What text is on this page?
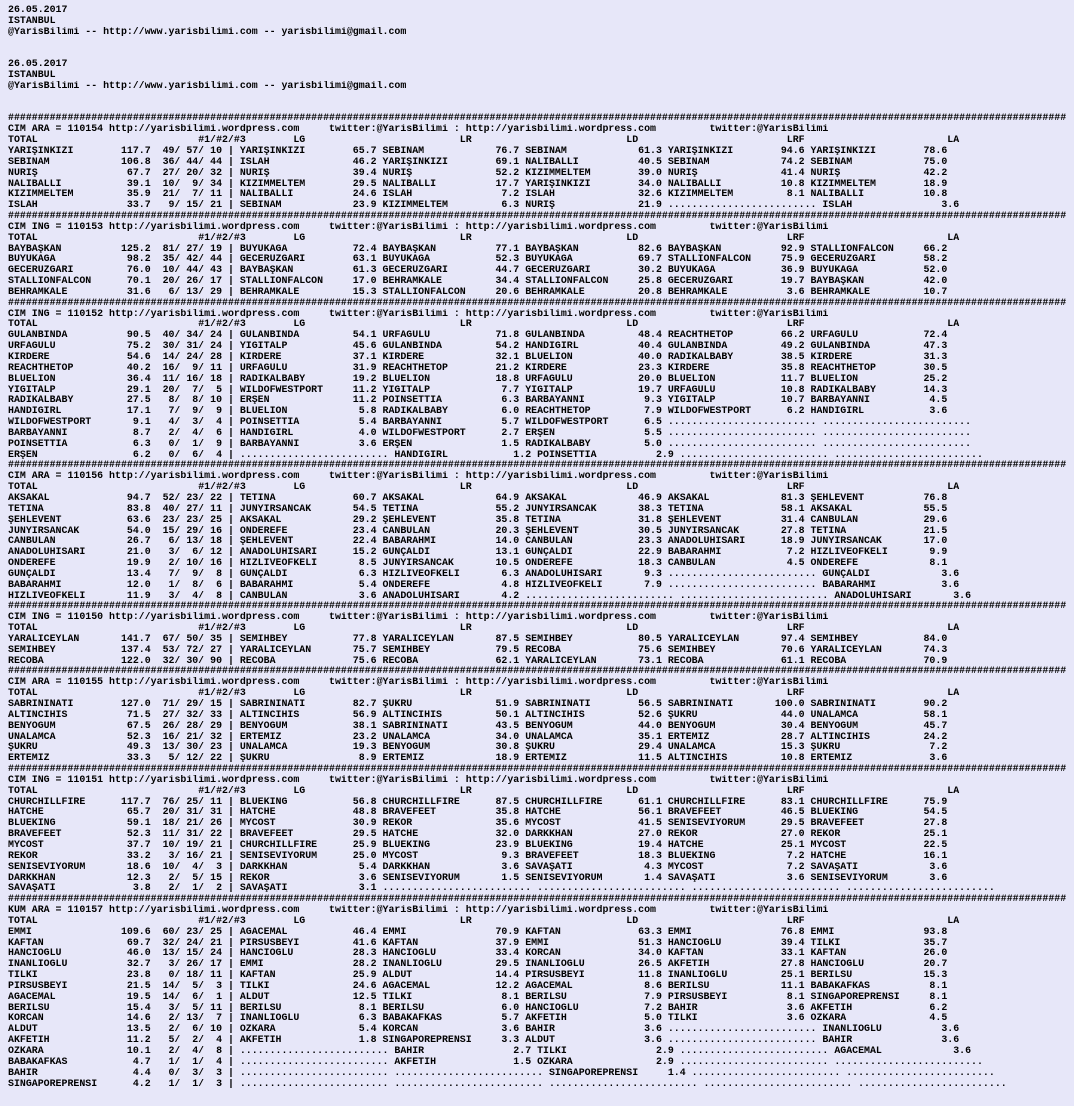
26.05.2017
ISTANBUL
@YarisBilimi -- http://www.yarisbilimi.com -- yarisbilimi@gmail.com
26.05.2017
ISTANBUL
@YarisBilimi -- http://www.yarisbilimi.com -- yarisbilimi@gmail.com
##################################################################################################################################################################################
CIM ARA = 110154 http://yarisbilimi.wordpress.com     twitter:@YarisBilimi : http://yarisbilimi.wordpress.com         twitter:@YarisBilimi
TOTAL                           #1/#2/#3        LG                          LR                          LD                         LRF                        LA
YARIŞINKIZI        117.7  49/ 57/ 10 | YARIŞINKIZI        65.7 SEBİNAM            76.7 SEBİNAM            61.3 YARIŞINKIZI        94.6 YARIŞINKIZI        78.6
SEBİNAM            106.8  36/ 44/ 44 | ISLAH              46.2 YARIŞINKIZI        69.1 NALIBALLI          40.5 SEBİNAM            74.2 SEBİNAM            75.0
NURİŞ               67.7  27/ 20/ 32 | NURİŞ              39.4 NURİŞ              52.2 KIZIMMELTEM        39.0 NURİŞ              41.4 NURİŞ              42.2
NALIBALLI           39.1  10/  9/ 34 | KIZIMMELTEM        29.5 NALIBALLI          17.7 YARIŞINKIZI        34.0 NALIBALLI          10.8 KIZIMMELTEM        18.9
KIZIMMELTEM         35.9  21/  7/ 11 | NALIBALLI          24.6 ISLAH               7.2 ISLAH              32.6 KIZIMMELTEM         8.1 NALIBALLI          10.8
ISLAH               33.7   9/ 15/ 21 | SEBİNAM            23.9 KIZIMMELTEM         6.3 NURİŞ              21.9 ......................... ISLAH               3.6
##################################################################################################################################################################################
CIM ING = 110153 http://yarisbilimi.wordpress.com     twitter:@YarisBilimi : http://yarisbilimi.wordpress.com         twitter:@YarisBilimi
TOTAL                           #1/#2/#3        LG                          LR                          LD                         LRF                        LA
BAYBAŞKAN          125.2  81/ 27/ 19 | BUYUKAĞA           72.4 BAYBAŞKAN          77.1 BAYBAŞKAN          82.6 BAYBAŞKAN          92.9 STALLIONFALCON     66.2
BUYUKAĞA            98.2  35/ 42/ 44 | GECERUZGARI        63.1 BUYUKAĞA           52.3 BUYUKAĞA           69.7 STALLIONFALCON     75.9 GECERUZGARI        58.2
GECERUZGARI         76.0  10/ 44/ 43 | BAYBAŞKAN          61.3 GECERUZGARI        44.7 GECERUZGARI        30.2 BUYUKAĞA           36.9 BUYUKAĞA           52.0
STALLIONFALCON      70.1  20/ 26/ 17 | STALLIONFALCON     17.0 BEHRAMKALE         34.4 STALLIONFALCON     25.8 GECERUZGARI        19.7 BAYBAŞKAN          42.0
BEHRAMKALE          31.6   6/ 13/ 29 | BEHRAMKALE         15.3 STALLIONFALCON     20.6 BEHRAMKALE         20.8 BEHRAMKALE          3.6 BEHRAMKALE         10.7
##################################################################################################################################################################################
CIM ING = 110152 http://yarisbilimi.wordpress.com     twitter:@YarisBilimi : http://yarisbilimi.wordpress.com         twitter:@YarisBilimi
TOTAL                           #1/#2/#3        LG                          LR                          LD                         LRF                        LA
GULANBİNDA          90.5  40/ 34/ 24 | GULANBİNDA         54.1 URFAGULU           71.8 GULANBİNDA         48.4 REACHTHETOP        66.2 URFAGULU           72.4
URFAGULU            75.2  30/ 31/ 24 | YİGİTALP           45.6 GULANBİNDA         54.2 HANDIGIRL          40.4 GULANBİNDA         49.2 GULANBİNDA         47.3
KIRDERE             54.6  14/ 24/ 28 | KIRDERE            37.1 KIRDERE            32.1 BLUELION           40.0 RADIKALBABY        38.5 KIRDERE            31.3
REACHTHETOP         40.2  16/  9/ 11 | URFAGULU           31.9 REACHTHETOP        21.2 KIRDERE            23.3 KIRDERE            35.8 REACHTHETOP        30.5
BLUELION            36.4  11/ 16/ 18 | RADIKALBABY        19.2 BLUELION           18.8 URFAGULU           20.0 BLUELION           11.7 BLUELION           25.2
YİGİTALP            29.1  20/  7/  5 | WILDOFWESTPORT     11.2 YİGİTALP            7.7 YİGİTALP           19.7 URFAGULU           10.8 RADIKALBABY        14.3
RADIKALBABY         27.5   8/  8/ 10 | ERŞEN              11.2 POINSETTIA          6.3 BARBAYANNI          9.3 YİGİTALP           10.7 BARBAYANNI          4.5
HANDIGIRL           17.1   7/  9/  9 | BLUELION            5.8 RADIKALBABY         6.0 REACHTHETOP         7.9 WILDOFWESTPORT      6.2 HANDIGIRL           3.6
WILDOFWESTPORT       9.1   4/  3/  4 | POINSETTIA          5.4 BARBAYANNI          5.7 WILDOFWESTPORT      6.5 ......................... .........................
BARBAYANNI           8.7   2/  4/  6 | HANDIGIRL           4.0 WILDOFWESTPORT      2.7 ERŞEN               5.5 ......................... .........................
POINSETTIA           6.3   0/  1/  9 | BARBAYANNI          3.6 ERŞEN               1.5 RADIKALBABY         5.0 ......................... .........................
ERŞEN                6.2   0/  6/  4 | ......................... HANDIGIRL           1.2 POINSETTIA          2.9 ......................... .........................
##################################################################################################################################################################################
CIM ARA = 110156 http://yarisbilimi.wordpress.com     twitter:@YarisBilimi : http://yarisbilimi.wordpress.com         twitter:@YarisBilimi
TOTAL                           #1/#2/#3        LG                          LR                          LD                         LRF                        LA
AKSAKAL             94.7  52/ 23/ 22 | TETİNA             60.7 AKSAKAL            64.9 AKSAKAL            46.9 AKSAKAL            81.3 ŞEHLEVENT          76.8
TETİNA              83.8  40/ 27/ 11 | JUNYIRSANCAK       54.5 TETİNA             55.2 JUNYIRSANCAK       38.3 TETİNA             58.1 AKSAKAL            55.5
ŞEHLEVENT           63.6  23/ 23/ 25 | AKSAKAL            29.2 ŞEHLEVENT          35.8 TETİNA             31.8 ŞEHLEVENT          31.4 CANBULAN           29.6
JUNYIRSANCAK        54.0  15/ 29/ 16 | ONDEREFE           23.4 CANBULAN           20.3 ŞEHLEVENT          30.5 JUNYIRSANCAK       27.8 TETİNA             21.5
CANBULAN            26.7   6/ 13/ 18 | ŞEHLEVENT          22.4 BABARAHMİ          14.0 CANBULAN           23.3 ANADOLUHİSARI      18.9 JUNYIRSANCAK       17.0
ANADOLUHİSARI       21.0   3/  6/ 12 | ANADOLUHİSARI      15.2 GUNÇALDI           13.1 GUNÇALDI           22.9 BABARAHMİ           7.2 HIZLIVEOFKELİ       9.9
ONDEREFE            19.9   2/ 10/ 16 | HIZLIVEOFKELİ       8.5 JUNYIRSANCAK       10.5 ONDEREFE           18.3 CANBULAN            4.5 ONDEREFE            8.1
GUNÇALDI            13.4   7/  9/  8 | GUNÇALDI            6.3 HIZLIVEOFKELİ       6.3 ANADOLUHİSARI       9.3 ......................... GUNÇALDI            3.6
BABARAHMİ           12.0   1/  8/  6 | BABARAHMİ           5.4 ONDEREFE            4.8 HIZLIVEOFKELİ       7.9 ......................... BABARAHMİ           3.6
HIZLIVEOFKELİ       11.9   3/  4/  8 | CANBULAN            3.6 ANADOLUHİSARI       4.2 ......................... ......................... ANADOLUHİSARI       3.6
##################################################################################################################################################################################
CIM ING = 110150 http://yarisbilimi.wordpress.com     twitter:@YarisBilimi : http://yarisbilimi.wordpress.com         twitter:@YarisBilimi
TOTAL                           #1/#2/#3        LG                          LR                          LD                         LRF                        LA
YARALICEYLAN       141.7  67/ 50/ 35 | SEMİHBEY           77.8 YARALICEYLAN       87.5 SEMİHBEY           80.5 YARALICEYLAN       97.4 SEMİHBEY           84.0
SEMİHBEY           137.4  53/ 72/ 27 | YARALICEYLAN       75.7 SEMİHBEY           79.5 RECOBA             75.6 SEMİHBEY           70.6 YARALICEYLAN       74.3
RECOBA             122.0  32/ 30/ 90 | RECOBA             75.6 RECOBA             62.1 YARALICEYLAN       73.1 RECOBA             61.1 RECOBA             70.9
##################################################################################################################################################################################
CIM ARA = 110155 http://yarisbilimi.wordpress.com     twitter:@YarisBilimi : http://yarisbilimi.wordpress.com         twitter:@YarisBilimi
TOTAL                           #1/#2/#3        LG                          LR                          LD                         LRF                        LA
SABRİNİNATI        127.0  71/ 29/ 15 | SABRİNİNATI        82.7 ŞUKRU              51.9 SABRİNİNATI        56.5 SABRİNİNATI       100.0 SABRİNİNATI        90.2
ALTINCIHİS          71.5  27/ 32/ 33 | ALTINCIHİS         56.9 ALTINCIHİS         50.1 ALTINCIHİS         52.6 ŞUKRU              44.0 UNALAMCA           58.1
BENYOĞUM            67.5  26/ 28/ 29 | BENYOĞUM           38.1 SABRİNİNATI        43.5 BENYOĞUM           44.0 BENYOĞUM           30.4 BENYOĞUM           45.7
UNALAMCA            52.3  16/ 21/ 32 | ERTEMİZ            23.2 UNALAMCA           34.0 UNALAMCA           35.1 ERTEMİZ            28.7 ALTINCIHİS         24.2
ŞUKRU               49.3  13/ 30/ 23 | UNALAMCA           19.3 BENYOĞUM           30.8 ŞUKRU              29.4 UNALAMCA           15.3 ŞUKRU               7.2
ERTEMİZ             33.3   5/ 12/ 22 | ŞUKRU               8.9 ERTEMİZ            18.9 ERTEMİZ            11.5 ALTINCIHİS         10.8 ERTEMİZ             3.6
##################################################################################################################################################################################
CIM ING = 110151 http://yarisbilimi.wordpress.com     twitter:@YarisBilimi : http://yarisbilimi.wordpress.com         twitter:@YarisBilimi
TOTAL                           #1/#2/#3        LG                          LR                          LD                         LRF                        LA
CHURCHILLFIRE      117.7  76/ 25/ 11 | BLUEKING           56.8 CHURCHILLFIRE      87.5 CHURCHILLFIRE      61.1 CHURCHILLFIRE      83.1 CHURCHILLFIRE      75.9
HATCHE              65.7  20/ 31/ 31 | HATCHE             48.8 BRAVEFEET          35.8 HATCHE             56.1 BRAVEFEET          46.5 BLUEKING           54.5
BLUEKING            59.1  18/ 21/ 26 | MYCOST             30.9 REKOR              35.6 MYCOST             41.5 SENİSEVİYORUM      29.5 BRAVEFEET          27.8
BRAVEFEET           52.3  11/ 31/ 22 | BRAVEFEET          29.5 HATCHE             32.0 DARKKHAN           27.0 REKOR              27.0 REKOR              25.1
MYCOST              37.7  10/ 19/ 21 | CHURCHILLFIRE      25.9 BLUEKING           23.9 BLUEKING           19.4 HATCHE             25.1 MYCOST             22.5
REKOR               33.2   3/ 16/ 21 | SENİSEVİYORUM      25.0 MYCOST              9.3 BRAVEFEET          18.3 BLUEKING            7.2 HATCHE             16.1
SENİSEVİYORUM       18.6  10/  4/  3 | DARKKHAN            5.4 DARKKHAN            3.6 SAVAŞATI            4.3 MYCOST              7.2 SAVAŞATI            3.6
DARKKHAN            12.3   2/  5/ 15 | REKOR               3.6 SENİSEVİYORUM       1.5 SENİSEVİYORUM       1.4 SAVAŞATI            3.6 SENİSEVİYORUM       3.6
SAVAŞATI             3.8   2/  1/  2 | SAVAŞATI            3.1 ......................... ......................... ......................... .........................
##################################################################################################################################################################################
KUM ARA = 110157 http://yarisbilimi.wordpress.com     twitter:@YarisBilimi : http://yarisbilimi.wordpress.com         twitter:@YarisBilimi
TOTAL                           #1/#2/#3        LG                          LR                          LD                         LRF                        LA
EMMİ               109.6  60/ 23/ 25 | AGACEMAL           46.4 EMMİ               70.9 KAFTAN             63.3 EMMİ               76.8 EMMİ               93.8
KAFTAN              69.7  32/ 24/ 21 | PİRSUSBEYİ         41.6 KAFTAN             37.9 EMMİ               51.3 HANCIOĞLU          39.4 TİLKİ              35.7
HANCIOĞLU           46.0  13/ 15/ 24 | HANCIOĞLU          28.3 HANCIOĞLU          33.4 KORCAN             34.0 KAFTAN             33.1 KAFTAN             26.0
İNANLIOĞLU          32.7   3/ 26/ 17 | EMMİ               28.2 İNANLIOĞLU         29.5 İNANLIOĞLU         26.5 AKFETİH            27.8 HANCIOĞLU          20.7
TİLKİ               23.8   0/ 18/ 11 | KAFTAN             25.9 ALDUT              14.4 PİRSUSBEYİ         11.8 İNANLIOĞLU         25.1 BERİLSU            15.3
PİRSUSBEYİ          21.5  14/  5/  3 | TİLKİ              24.6 AGACEMAL           12.2 AGACEMAL            8.6 BERİLSU            11.1 BABAKAFKAS          8.1
AGACEMAL            19.5  14/  6/  1 | ALDUT              12.5 TİLKİ               8.1 BERİLSU             7.9 PİRSUSBEYİ          8.1 SINGAPOREPRENSİ     8.1
BERİLSU             15.4   3/  5/ 11 | BERİLSU             8.1 BERİLSU             6.0 HANCIOĞLU           7.2 BAHİR               3.6 AKFETİH             6.2
KORCAN              14.6   2/ 13/  7 | İNANLIOĞLU          6.3 BABAKAFKAS          5.7 AKFETİH             5.0 TİLKİ               3.6 ÖZKARA              4.5
ALDUT               13.5   2/  6/ 10 | ÖZKARA              5.4 KORCAN              3.6 BAHİR               3.6 ......................... İNANLIOĞLU          3.6
AKFETİH             11.2   5/  2/  4 | AKFETİH             1.8 SINGAPOREPRENSİ     3.3 ALDUT               3.6 ......................... BAHİR               3.6
ÖZKARA              10.1   2/  4/  8 | ......................... BAHİR               2.7 TİLKİ               2.9 ......................... AGACEMAL            3.6
BABAKAFKAS           4.7   1/  1/  4 | ......................... AKFETİH             1.5 ÖZKARA              2.9 ......................... .........................
BAHİR                4.4   0/  3/  3 | ......................... ......................... SINGAPOREPRENSİ     1.4 ......................... .........................
SINGAPOREPRENSİ      4.2   1/  1/  3 | ......................... ......................... ......................... ......................... .........................
